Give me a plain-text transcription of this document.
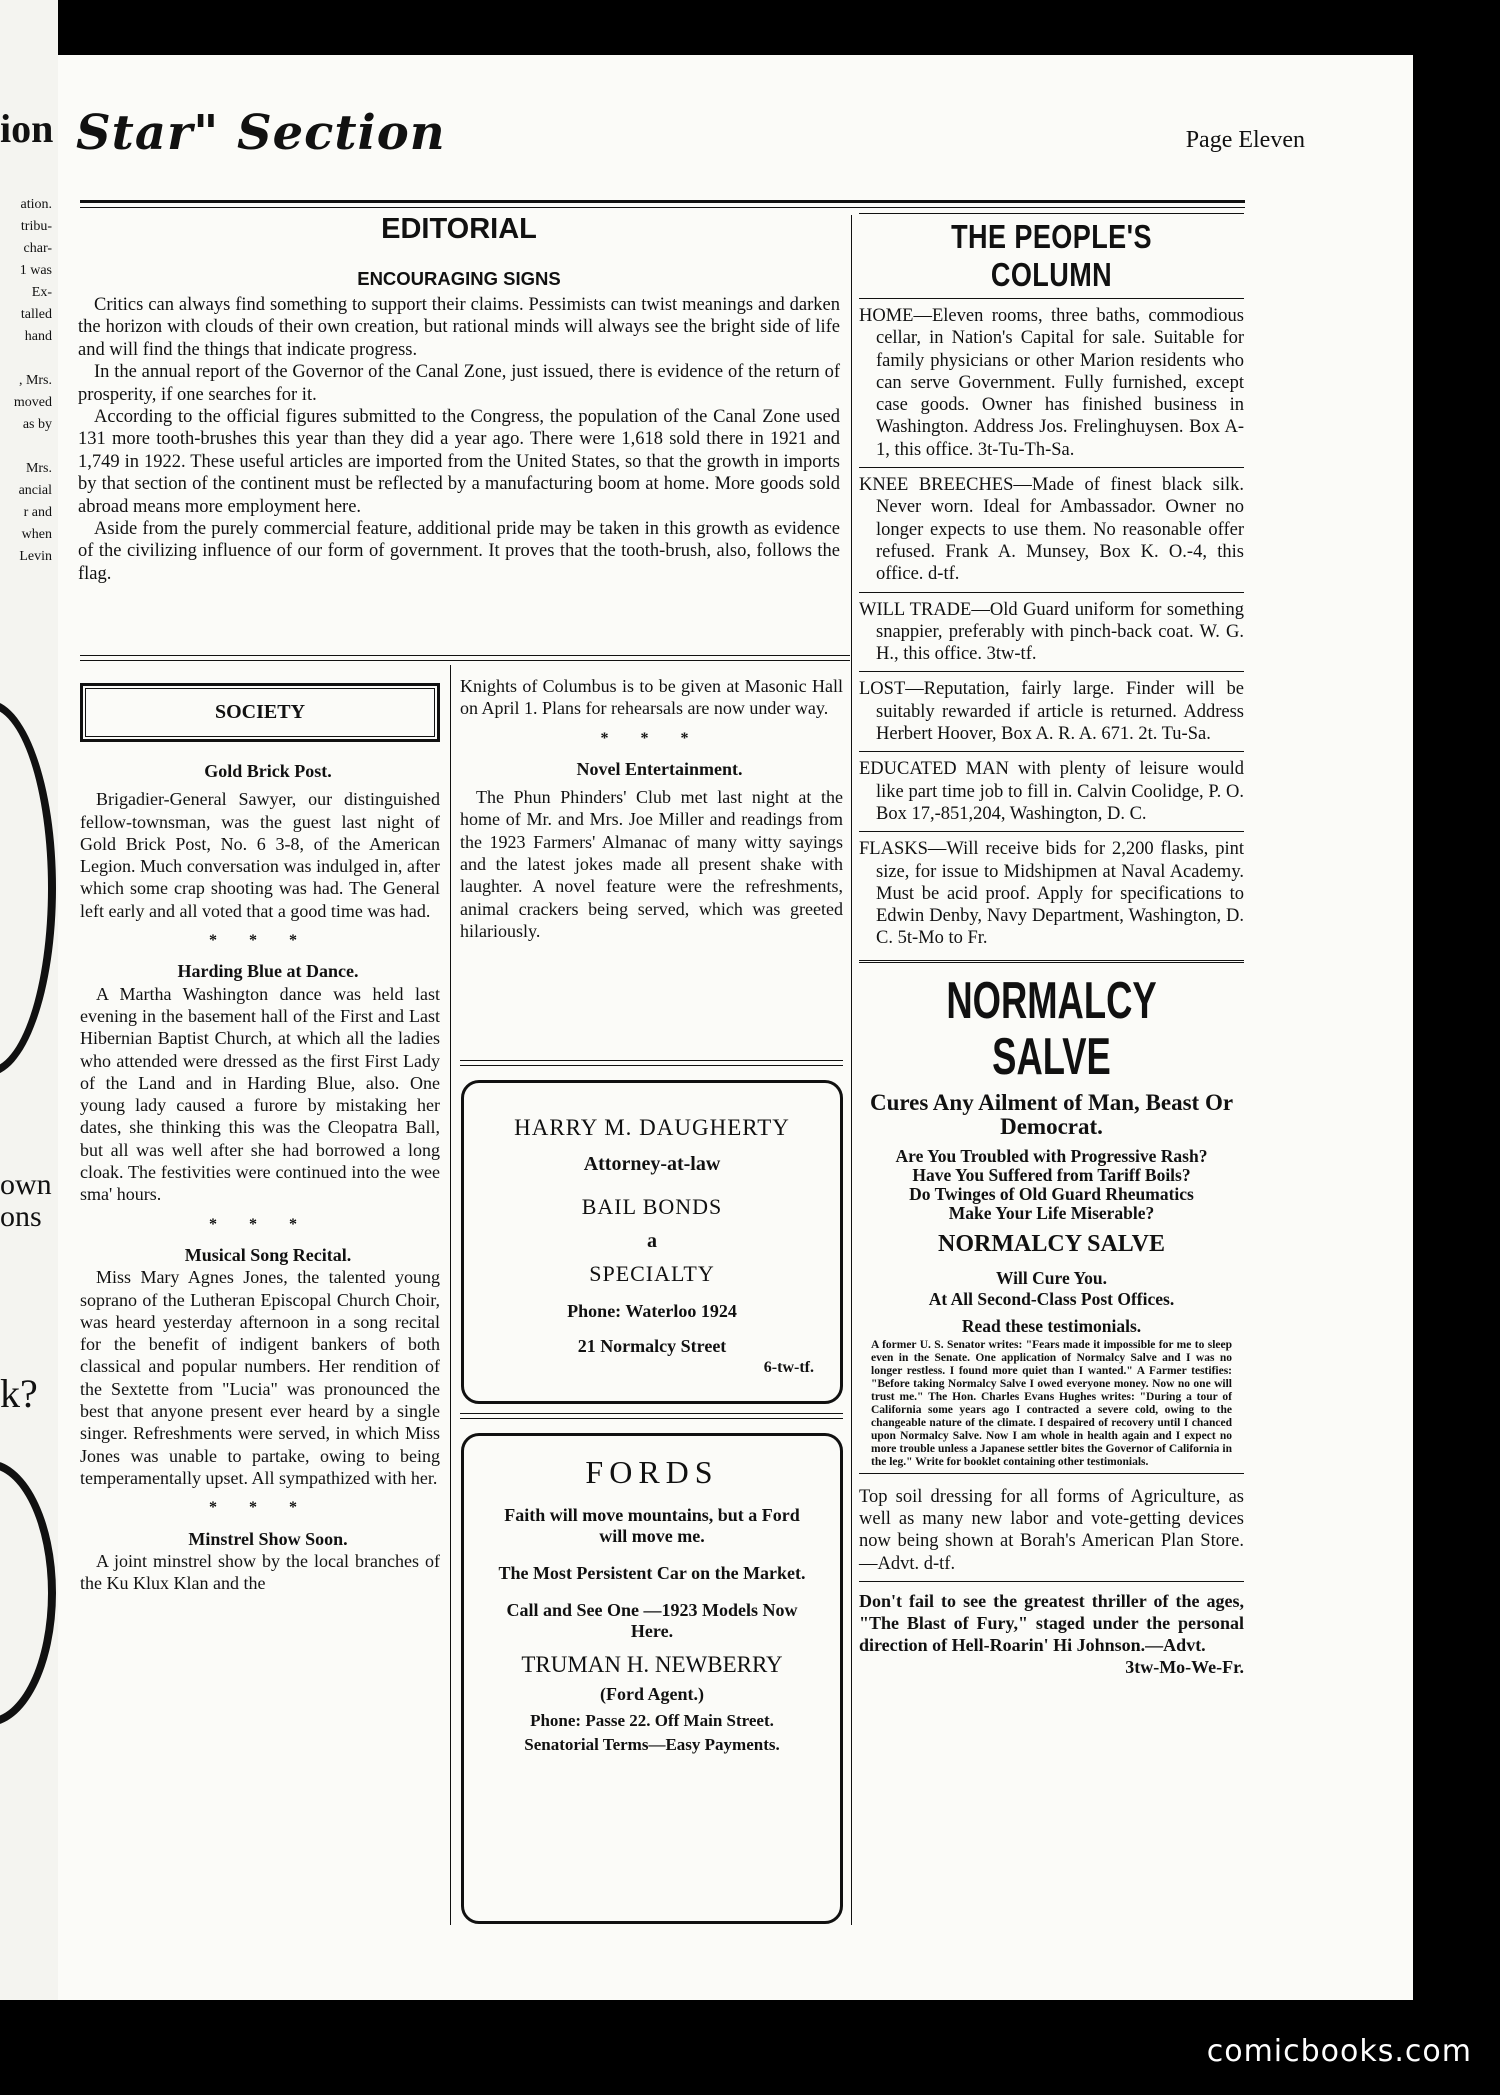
ion
ation.
tribu-
char-
1 was
Ex-
talled
hand
, Mrs.
moved
as by
Mrs.
ancial
r and
when
Levin
own
ons
k?
Star" Section	Page Eleven
EDITORIAL
ENCOURAGING SIGNS

Critics can always find something to support their claims. Pessimists can twist meanings and darken the horizon with clouds of their own creation, but rational minds will always see the bright side of life and will find the things that indicate progress.

In the annual report of the Governor of the Canal Zone, just issued, there is evidence of the return of prosperity, if one searches for it.

According to the official figures submitted to the Congress, the population of the Canal Zone used 131 more tooth-brushes this year than they did a year ago. There were 1,618 sold there in 1921 and 1,749 in 1922. These useful articles are imported from the United States, so that the growth in imports by that section of the continent must be reflected by a manufacturing boom at home. More goods sold abroad means more employment here.

Aside from the purely commercial feature, additional pride may be taken in this growth as evidence of the civilizing influence of our form of government. It proves that the tooth-brush, also, follows the flag.

SOCIETY

Gold Brick Post.

Brigadier-General Sawyer, our distinguished fellow-townsman, was the guest last night of Gold Brick Post, No. 6 3-8, of the American Legion. Much conversation was indulged in, after which some crap shooting was had. The General left early and all voted that a good time was had.

* * *

Harding Blue at Dance.

A Martha Washington dance was held last evening in the basement hall of the First and Last Hibernian Baptist Church, at which all the ladies who attended were dressed as the first First Lady of the Land and in Harding Blue, also. One young lady caused a furore by mistaking her dates, she thinking this was the Cleopatra Ball, but all was well after she had borrowed a long cloak. The festivities were continued into the wee sma' hours.

* * *

Musical Song Recital.

Miss Mary Agnes Jones, the talented young soprano of the Lutheran Episcopal Church Choir, was heard yesterday afternoon in a song recital for the benefit of indigent bankers of both classical and popular numbers. Her rendition of the Sextette from "Lucia" was pronounced the best that anyone present ever heard by a single singer. Refreshments were served, in which Miss Jones was unable to partake, owing to being temperamentally upset. All sympathized with her.

* * *

Minstrel Show Soon.

A joint minstrel show by the local branches of the Ku Klux Klan and the

Knights of Columbus is to be given at Masonic Hall on April 1. Plans for rehearsals are now under way.

* * *

Novel Entertainment.

The Phun Phinders' Club met last night at the home of Mr. and Mrs. Joe Miller and readings from the 1923 Farmers' Almanac of many witty sayings and the latest jokes made all present shake with laughter. A novel feature were the refreshments, animal crackers being served, which was greeted hilariously.

HARRY M. DAUGHERTY
Attorney-at-law
BAIL BONDS
a
SPECIALTY
Phone: Waterloo 1924
21 Normalcy Street
6-tw-tf.
FORDS
Faith will move mountains, but a Ford will move me.
The Most Persistent Car on the Market.
Call and See One —1923 Models Now Here.
TRUMAN H. NEWBERRY
(Ford Agent.)
Phone: Passe 22. Off Main Street.
Senatorial Terms—Easy Payments.
THE PEOPLE'S COLUMN
HOME—Eleven rooms, three baths, commodious cellar, in Nation's Capital for sale. Suitable for family physicians or other Marion residents who can serve Government. Fully furnished, except case goods. Owner has finished business in Washington. Address Jos. Frelinghuysen. Box A-1, this office. 3t-Tu-Th-Sa.
KNEE BREECHES—Made of finest black silk. Never worn. Ideal for Ambassador. Owner no longer expects to use them. No reasonable offer refused. Frank A. Munsey, Box K. O.-4, this office. d-tf.
WILL TRADE—Old Guard uniform for something snappier, preferably with pinch-back coat. W. G. H., this office. 3tw-tf.
LOST—Reputation, fairly large. Finder will be suitably rewarded if article is returned. Address Herbert Hoover, Box A. R. A. 671. 2t. Tu-Sa.
EDUCATED MAN with plenty of leisure would like part time job to fill in. Calvin Coolidge, P. O. Box 17,-851,204, Washington, D. C.
FLASKS—Will receive bids for 2,200 flasks, pint size, for issue to Midshipmen at Naval Academy. Must be acid proof. Apply for specifications to Edwin Denby, Navy Department, Washington, D. C. 5t-Mo to Fr.
NORMALCY SALVE
Cures Any Ailment of Man, Beast Or Democrat.
Are You Troubled with Progressive Rash?
Have You Suffered from Tariff Boils?
Do Twinges of Old Guard Rheumatics
Make Your Life Miserable?
NORMALCY SALVE
Will Cure You.
At All Second-Class Post Offices.
Read these testimonials.
A former U. S. Senator writes: "Fears made it impossible for me to sleep even in the Senate. One application of Normalcy Salve and I was no longer restless. I found more quiet than I wanted." A Farmer testifies: "Before taking Normalcy Salve I owed everyone money. Now no one will trust me." The Hon. Charles Evans Hughes writes: "During a tour of California some years ago I contracted a severe cold, owing to the changeable nature of the climate. I despaired of recovery until I chanced upon Normalcy Salve. Now I am whole in health again and I expect no more trouble unless a Japanese settler bites the Governor of California in the leg." Write for booklet containing other testimonials.
Top soil dressing for all forms of Agriculture, as well as many new labor and vote-getting devices now being shown at Borah's American Plan Store.—Advt. d-tf.
Don't fail to see the greatest thriller of the ages, "The Blast of Fury," staged under the personal direction of Hell-Roarin' Hi Johnson.—Advt.
3tw-Mo-We-Fr.
comicbooks.com
